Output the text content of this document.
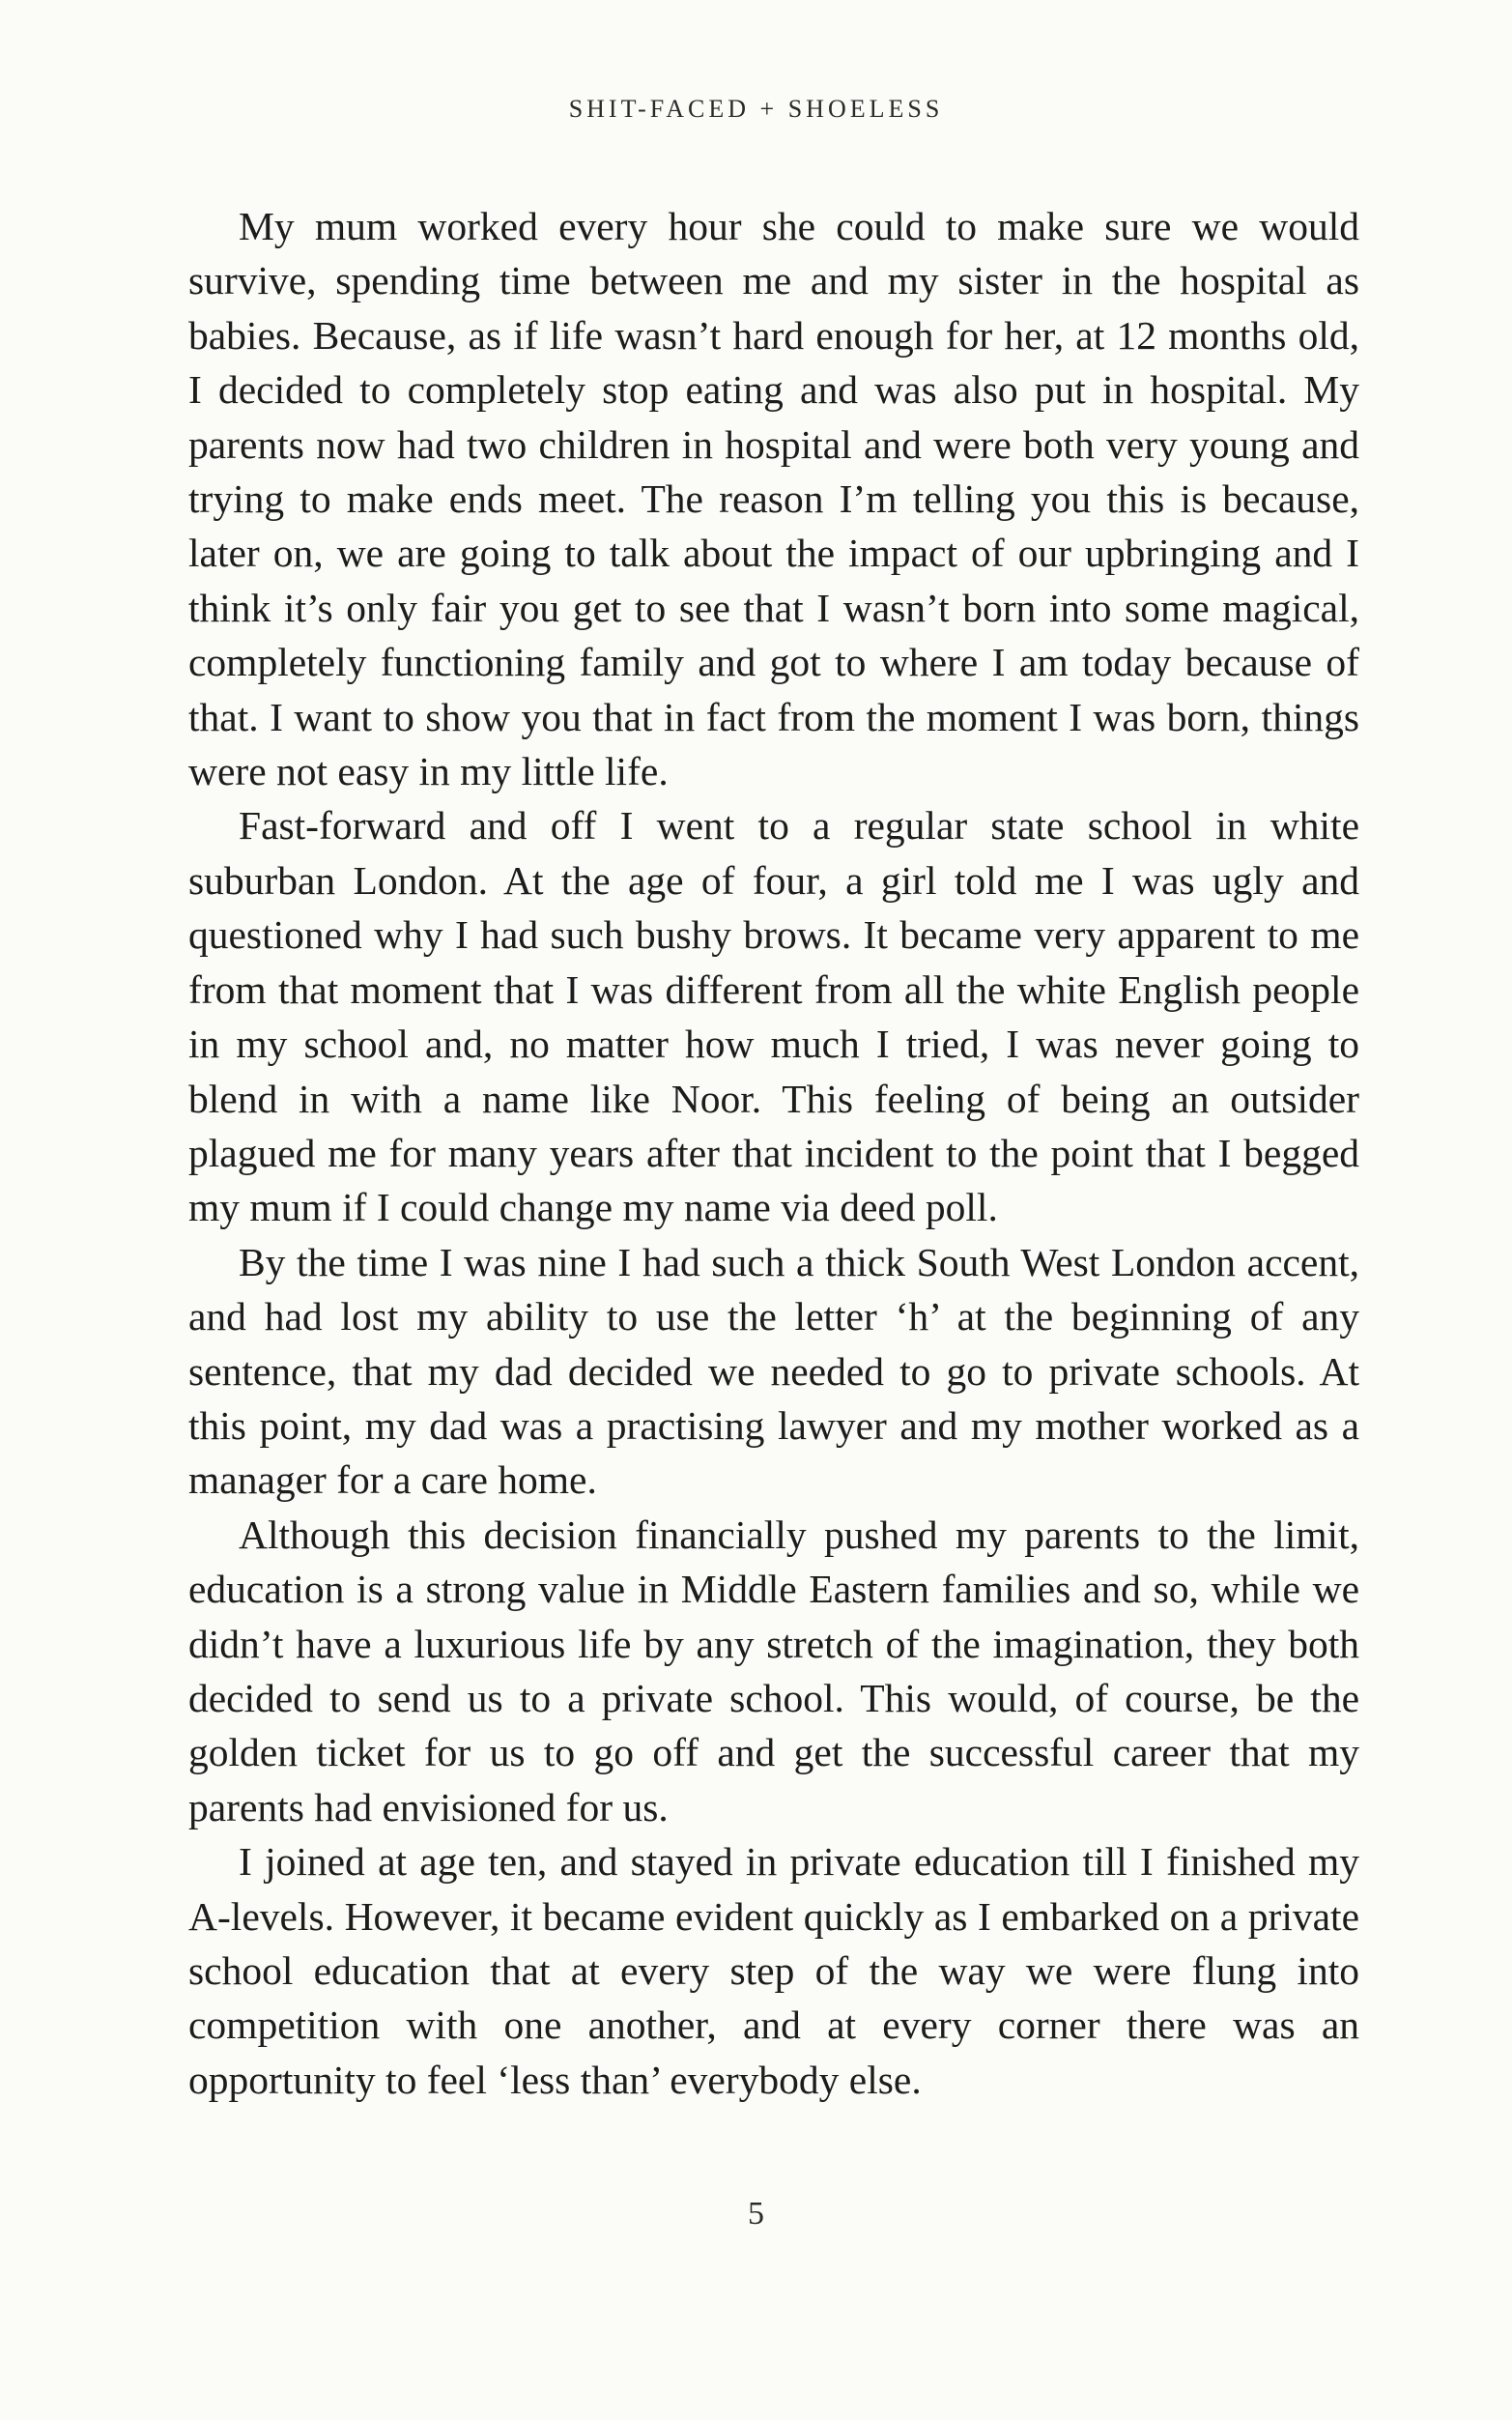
SHIT-FACED + SHOELESS

My mum worked every hour she could to make sure we would survive, spending time between me and my sister in the hospital as babies. Because, as if life wasn’t hard enough for her, at 12 months old, I decided to completely stop eating and was also put in hospital. My parents now had two children in hospital and were both very young and trying to make ends meet. The reason I’m telling you this is because, later on, we are going to talk about the impact of our upbringing and I think it’s only fair you get to see that I wasn’t born into some magical, completely functioning family and got to where I am today because of that. I want to show you that in fact from the moment I was born, things were not easy in my little life.

Fast-forward and off I went to a regular state school in white suburban London. At the age of four, a girl told me I was ugly and questioned why I had such bushy brows. It became very apparent to me from that moment that I was different from all the white English people in my school and, no matter how much I tried, I was never going to blend in with a name like Noor. This feeling of being an outsider plagued me for many years after that incident to the point that I begged my mum if I could change my name via deed poll.

By the time I was nine I had such a thick South West London accent, and had lost my ability to use the letter ‘h’ at the beginning of any sentence, that my dad decided we needed to go to private schools. At this point, my dad was a practising lawyer and my mother worked as a manager for a care home.

Although this decision financially pushed my parents to the limit, education is a strong value in Middle Eastern families and so, while we didn’t have a luxurious life by any stretch of the imagination, they both decided to send us to a private school. This would, of course, be the golden ticket for us to go off and get the successful career that my parents had envisioned for us.

I joined at age ten, and stayed in private education till I finished my A-levels. However, it became evident quickly as I embarked on a private school education that at every step of the way we were flung into competition with one another, and at every corner there was an opportunity to feel ‘less than’ everybody else.

5
